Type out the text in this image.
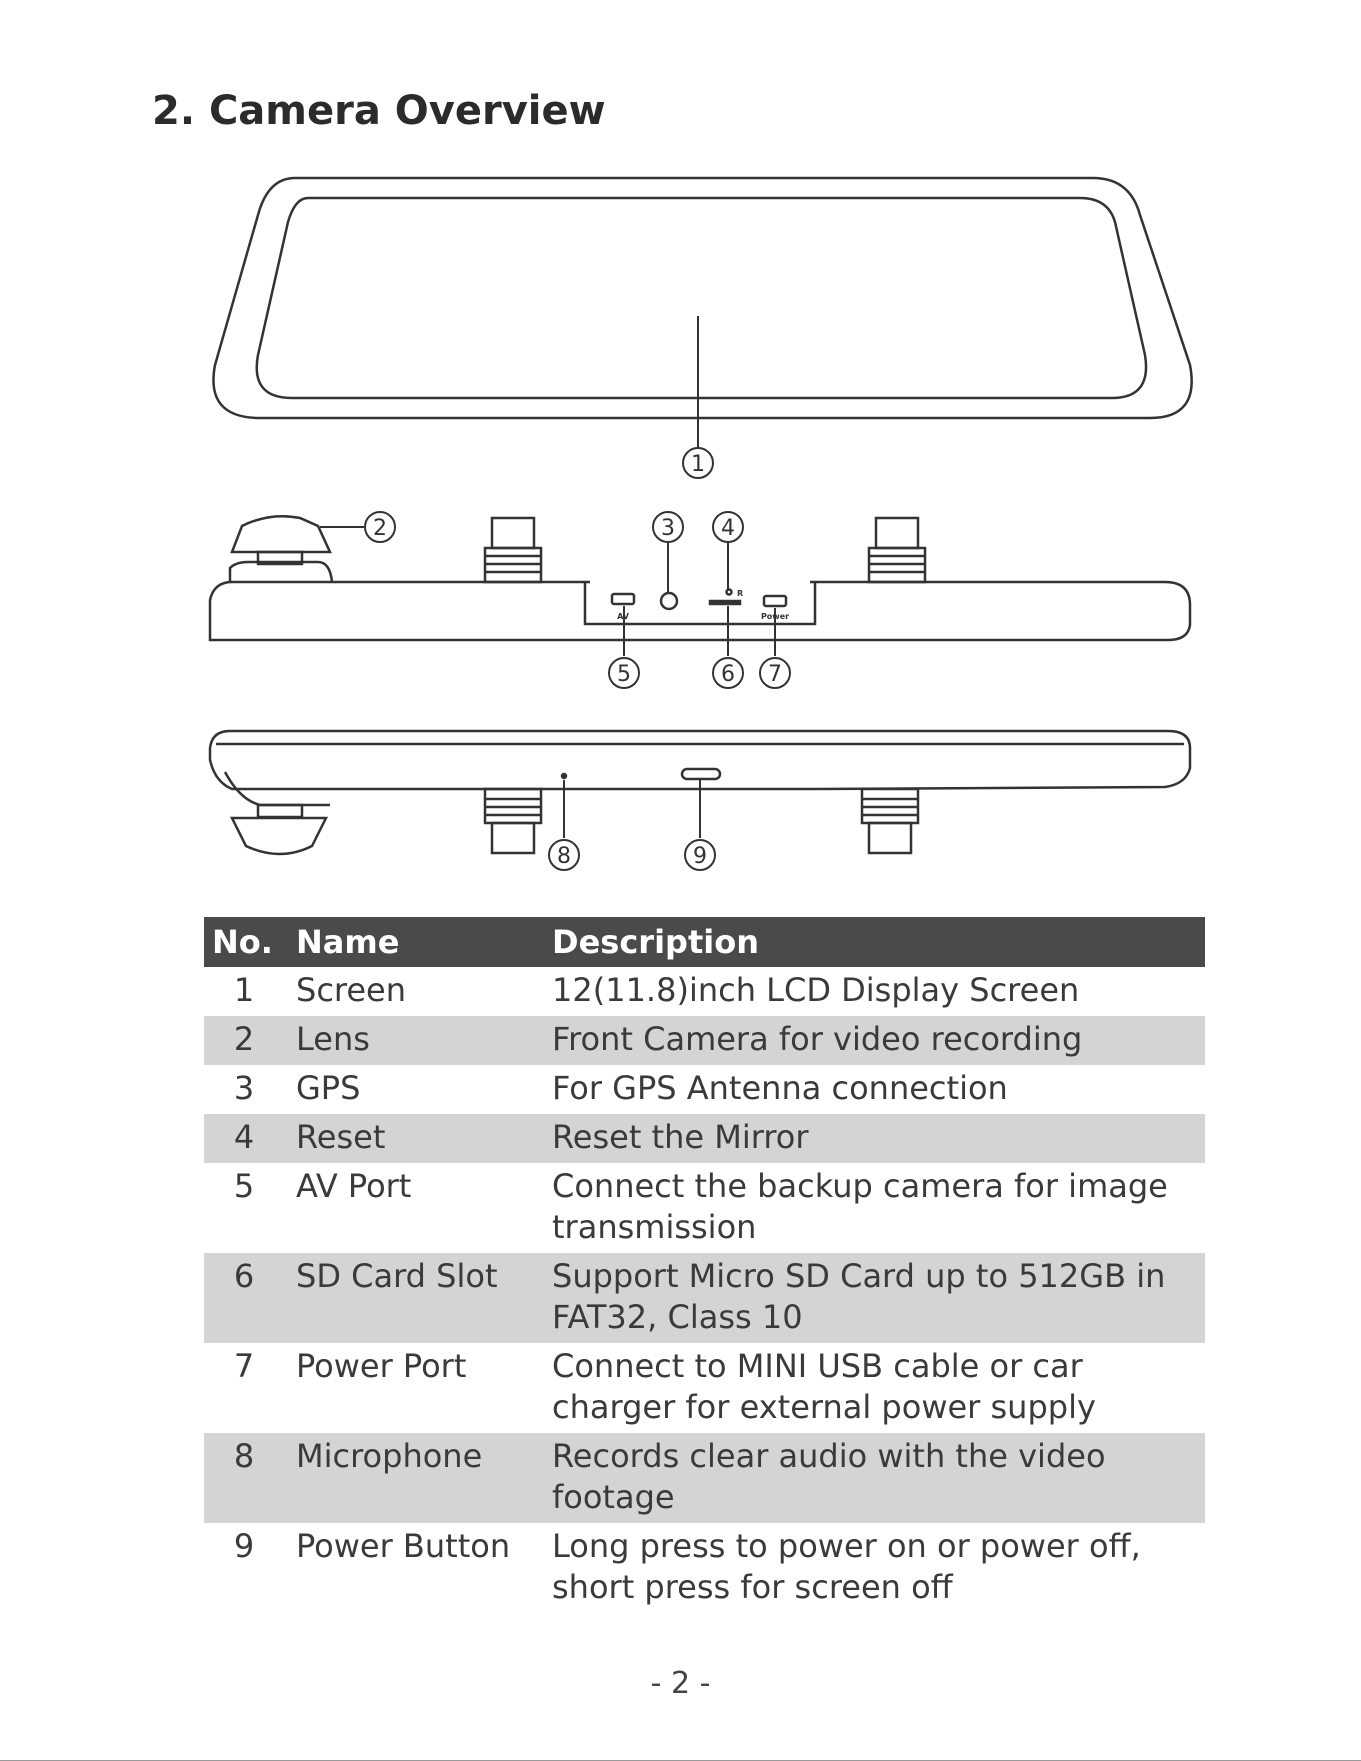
2. Camera Overview
AV
R
Power
1
2	3 4
5	6 7
8	9
No.	Name	Description
1	Screen	12(11.8)inch LCD Display Screen
2	Lens	Front Camera for video recording
3	GPS	For GPS Antenna connection
4	Reset	Reset the Mirror
5	AV Port	Connect the backup camera for image transmission
6	SD Card Slot	Support Micro SD Card up to 512GB in FAT32, Class 10
7	Power Port	Connect to MINI USB cable or car charger for external power supply
8	Microphone	Records clear audio with the video footage
9	Power Button	Long press to power on or power off, short press for screen off
- 2 -
